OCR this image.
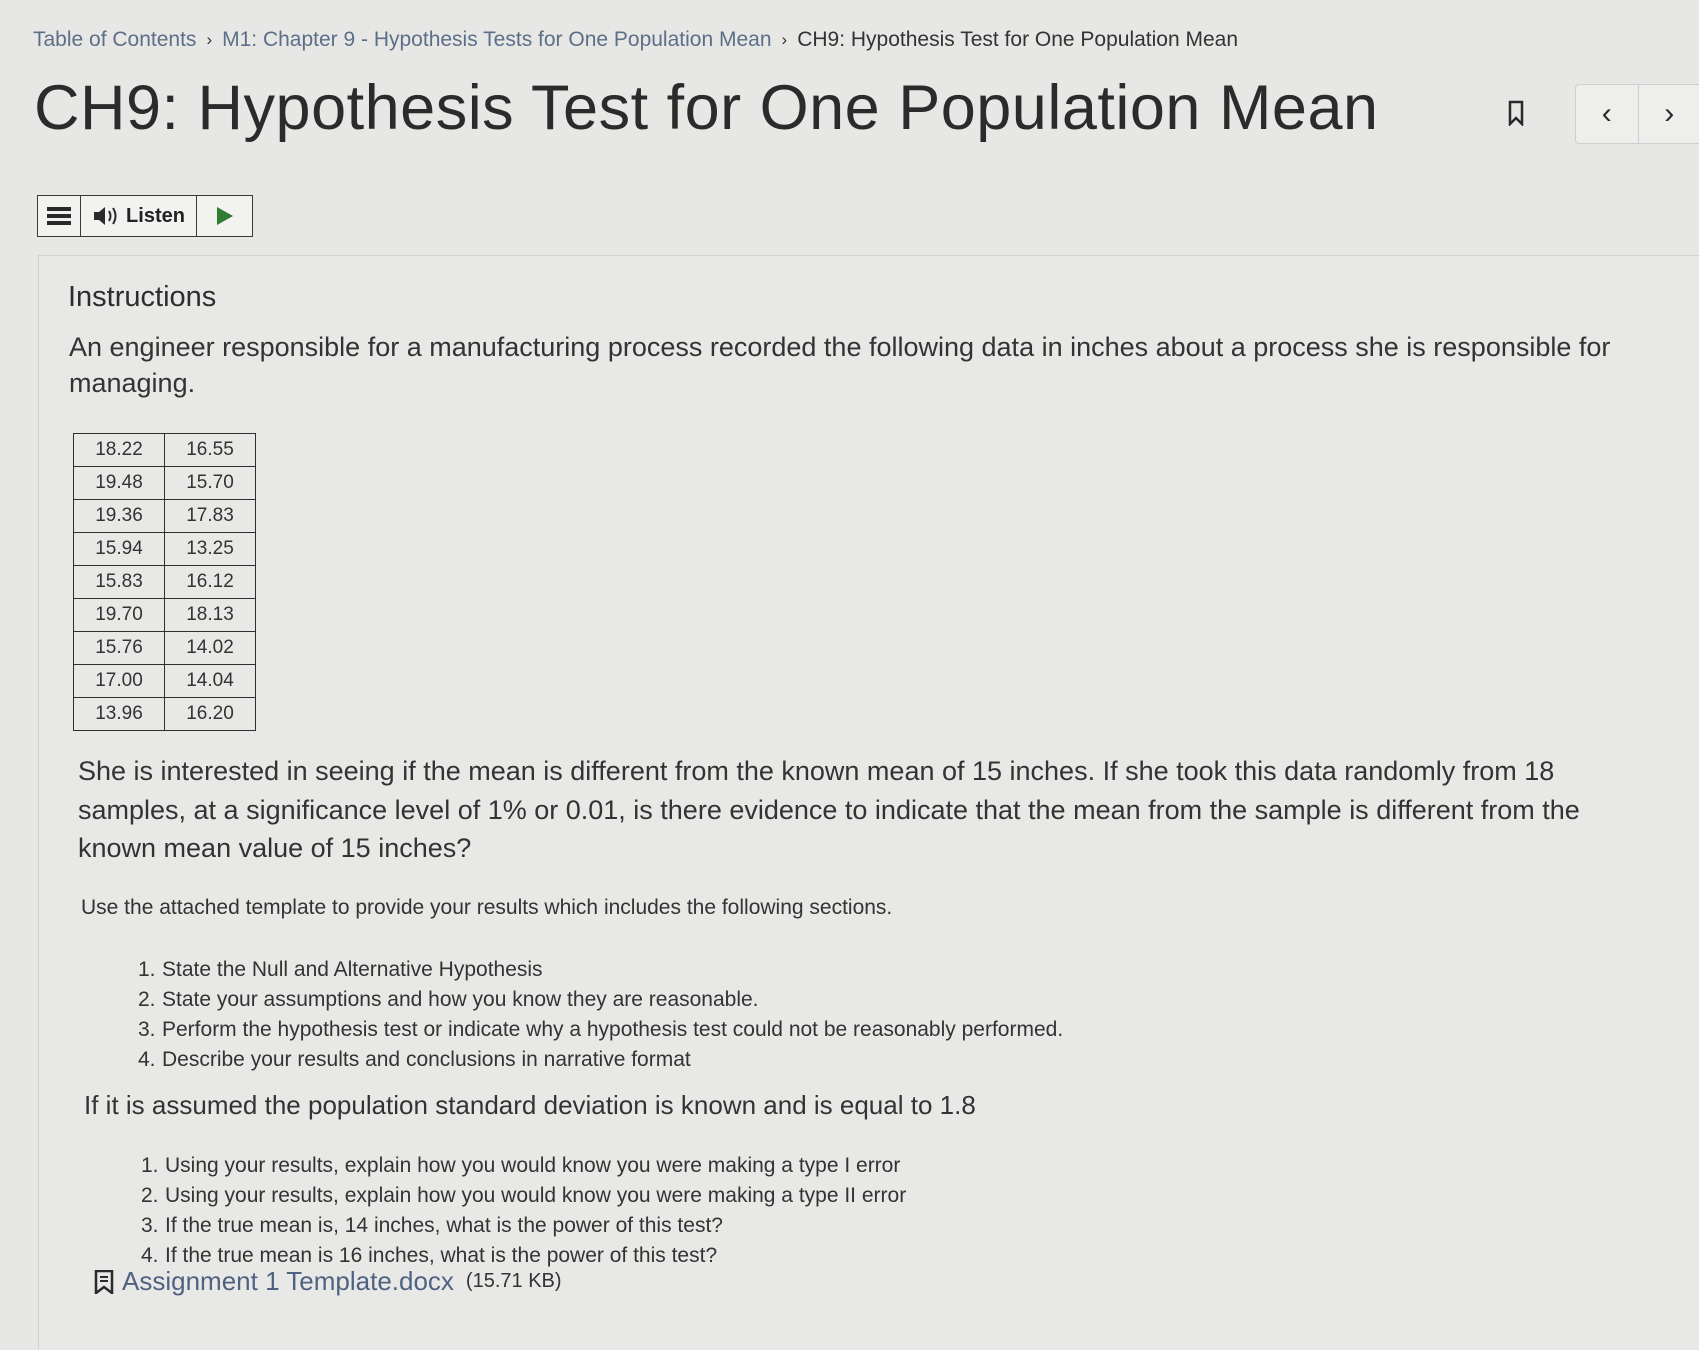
Table of Contents › M1: Chapter 9 - Hypothesis Tests for One Population Mean › CH9: Hypothesis Test for One Population Mean
CH9: Hypothesis Test for One Population Mean	‹ ›
Listen
Instructions

An engineer responsible for a manufacturing process recorded the following data in inches about a process she is responsible for managing.

18.22	16.55
19.48	15.70
19.36	17.83
15.94	13.25
15.83	16.12
19.70	18.13
15.76	14.02
17.00	14.04
13.96	16.20

She is interested in seeing if the mean is different from the known mean of 15 inches. If she took this data randomly from 18 samples, at a significance level of 1% or 0.01, is there evidence to indicate that the mean from the sample is different from the known mean value of 15 inches?

Use the attached template to provide your results which includes the following sections.

1. State the Null and Alternative Hypothesis
2. State your assumptions and how you know they are reasonable.
3. Perform the hypothesis test or indicate why a hypothesis test could not be reasonably performed.
4. Describe your results and conclusions in narrative format

If it is assumed the population standard deviation is known and is equal to 1.8

1. Using your results, explain how you would know you were making a type I error
2. Using your results, explain how you would know you were making a type II error
3. If the true mean is, 14 inches, what is the power of this test?
4. If the true mean is 16 inches, what is the power of this test?
Assignment 1 Template.docx (15.71 KB)
